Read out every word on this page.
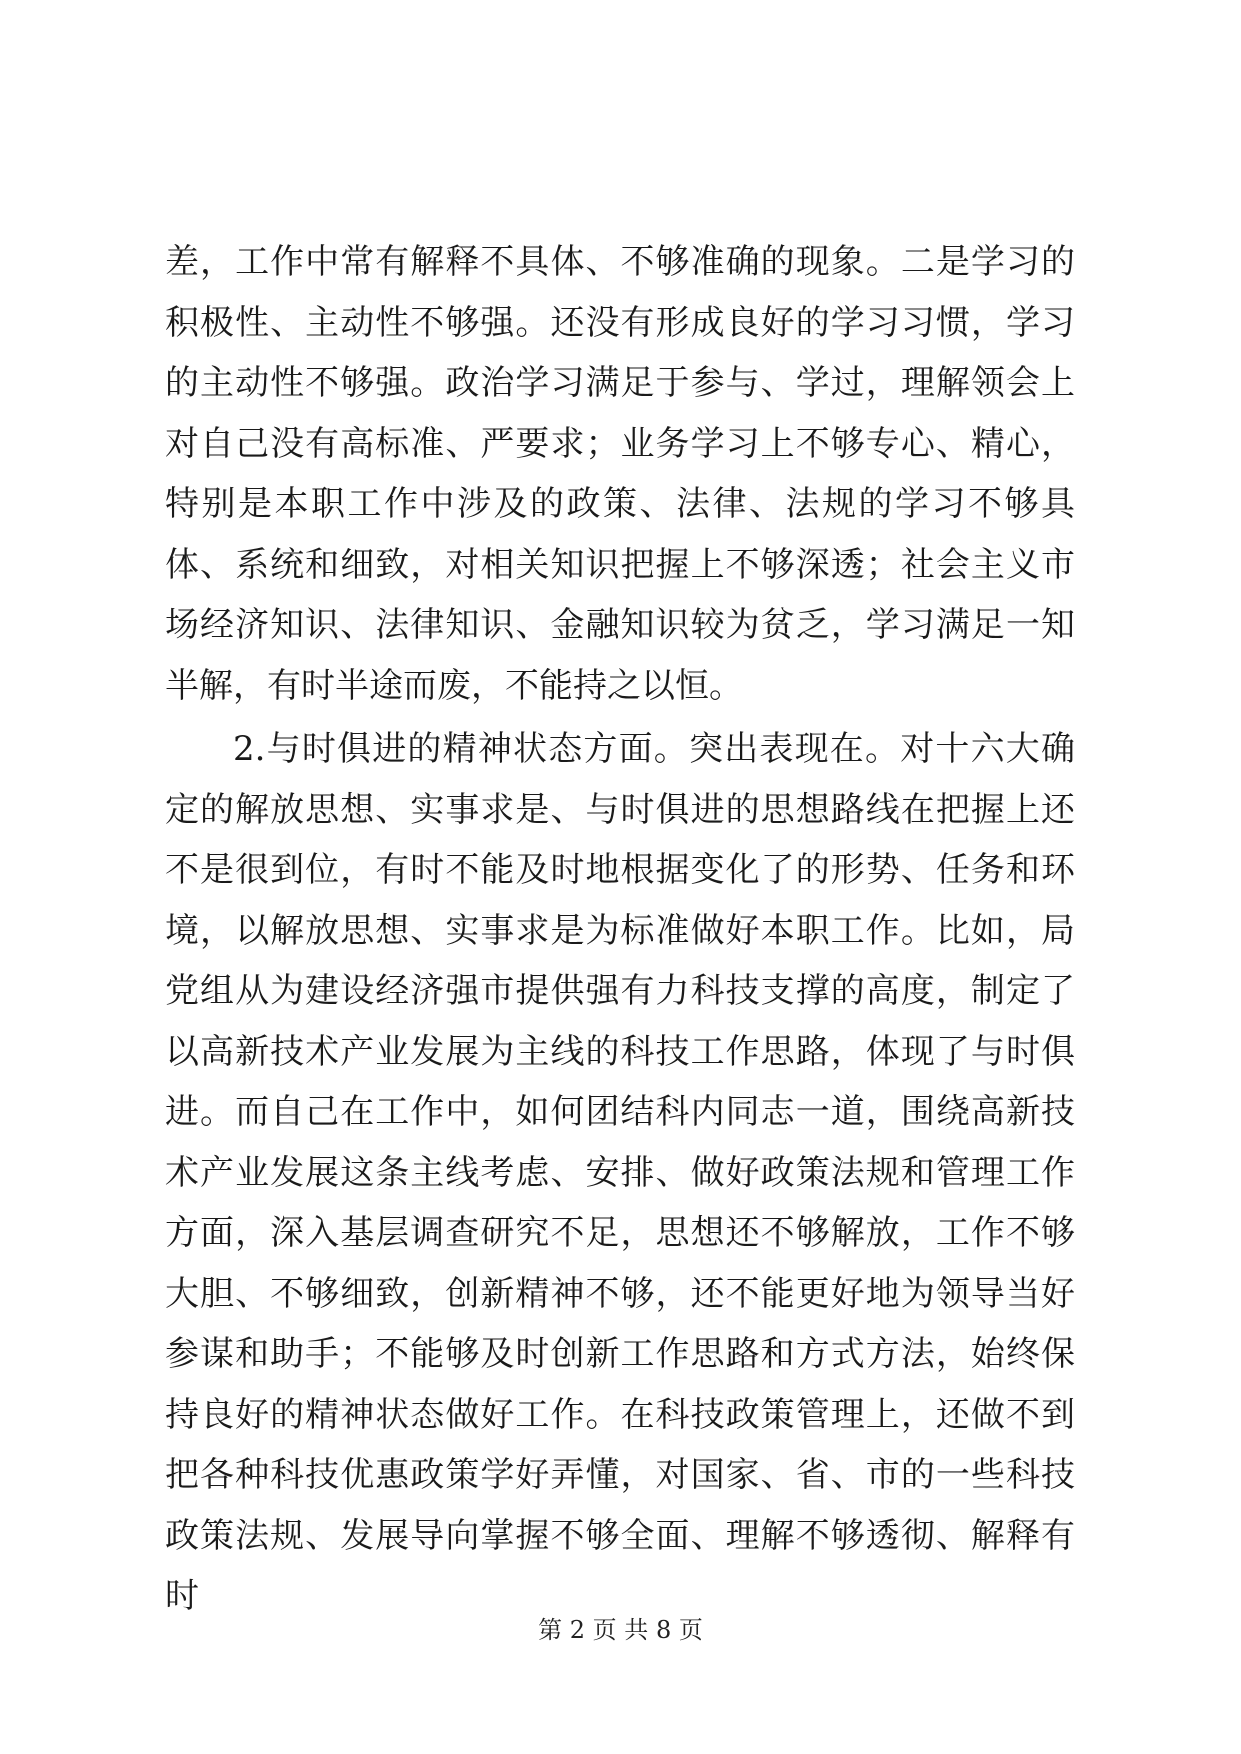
差，工作中常有解释不具体、不够准确的现象。二是学习的积极性、主动性不够强。还没有形成良好的学习习惯，学习的主动性不够强。政治学习满足于参与、学过，理解领会上对自己没有高标准、严要求；业务学习上不够专心、精心，特别是本职工作中涉及的政策、法律、法规的学习不够具体、系统和细致，对相关知识把握上不够深透；社会主义市场经济知识、法律知识、金融知识较为贫乏，学习满足一知半解，有时半途而废，不能持之以恒。

2.与时俱进的精神状态方面。突出表现在。对十六大确定的解放思想、实事求是、与时俱进的思想路线在把握上还不是很到位，有时不能及时地根据变化了的形势、任务和环境，以解放思想、实事求是为标准做好本职工作。比如，局党组从为建设经济强市提供强有力科技支撑的高度，制定了以高新技术产业发展为主线的科技工作思路，体现了与时俱进。而自己在工作中，如何团结科内同志一道，围绕高新技术产业发展这条主线考虑、安排、做好政策法规和管理工作方面，深入基层调查研究不足，思想还不够解放，工作不够大胆、不够细致，创新精神不够，还不能更好地为领导当好参谋和助手；不能够及时创新工作思路和方式方法，始终保持良好的精神状态做好工作。在科技政策管理上，还做不到把各种科技优惠政策学好弄懂，对国家、省、市的一些科技政策法规、发展导向掌握不够全面、理解不够透彻、解释有时

第 2 页 共 8 页
